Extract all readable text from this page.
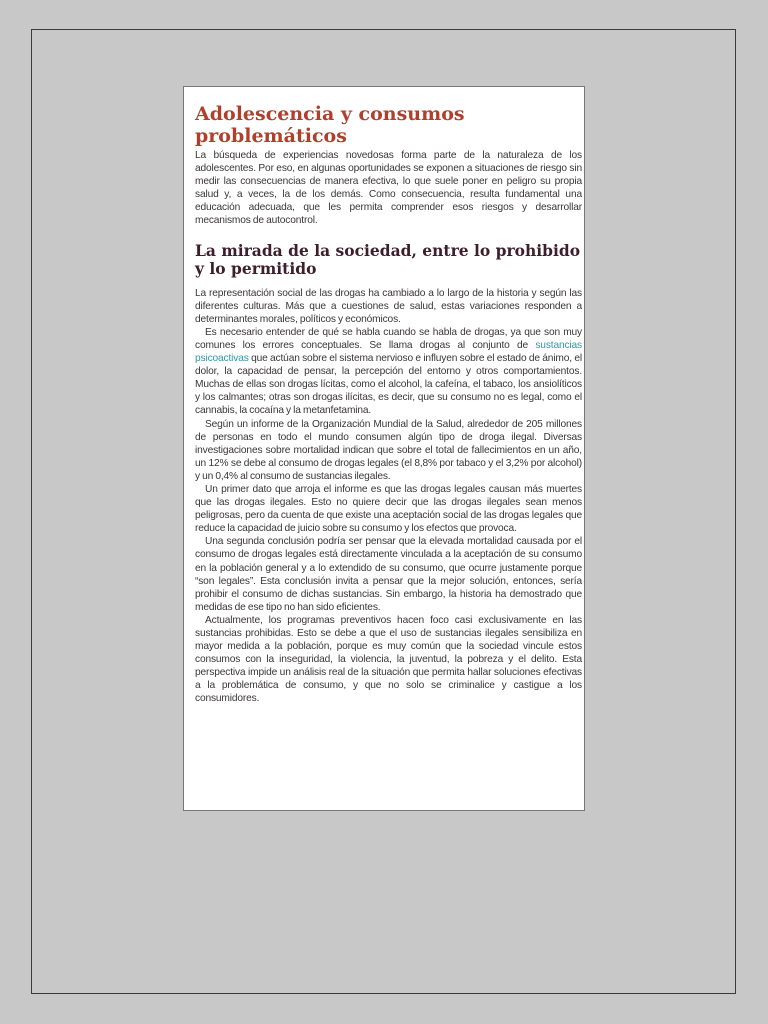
Adolescencia y consumos problemáticos

La búsqueda de experiencias novedosas forma parte de la naturaleza de los adolescentes. Por eso, en algunas oportunidades se exponen a situaciones de riesgo sin medir las consecuencias de manera efectiva, lo que suele poner en peligro su propia salud y, a veces, la de los demás. Como consecuencia, resulta fundamental una educación adecuada, que les permita comprender esos riesgos y desarrollar mecanismos de autocontrol.

La mirada de la sociedad, entre lo prohibido y lo permitido

La representación social de las drogas ha cambiado a lo largo de la historia y según las diferentes culturas. Más que a cuestiones de salud, estas variaciones responden a determinantes morales, políticos y económicos.

Es necesario entender de qué se habla cuando se habla de drogas, ya que son muy comunes los errores conceptuales. Se llama drogas al conjunto de sustancias psicoactivas que actúan sobre el sistema nervioso e influyen sobre el estado de ánimo, el dolor, la capacidad de pensar, la percepción del entorno y otros comportamientos. Muchas de ellas son drogas lícitas, como el alcohol, la cafeína, el tabaco, los ansiolíticos y los calmantes; otras son drogas ilícitas, es decir, que su consumo no es legal, como el cannabis, la cocaína y la metanfetamina.

Según un informe de la Organización Mundial de la Salud, alrededor de 205 millones de personas en todo el mundo consumen algún tipo de droga ilegal. Diversas investigaciones sobre mortalidad indican que sobre el total de fallecimientos en un año, un 12% se debe al consumo de drogas legales (el 8,8% por tabaco y el 3,2% por alcohol) y un 0,4% al consumo de sustancias ilegales.

Un primer dato que arroja el informe es que las drogas legales causan más muertes que las drogas ilegales. Esto no quiere decir que las drogas ilegales sean menos peligrosas, pero da cuenta de que existe una aceptación social de las drogas legales que reduce la capacidad de juicio sobre su consumo y los efectos que provoca.

Una segunda conclusión podría ser pensar que la elevada mortalidad causada por el consumo de drogas legales está directamente vinculada a la aceptación de su consumo en la población general y a lo extendido de su consumo, que ocurre justamente porque “son legales”. Esta conclusión invita a pensar que la mejor solución, entonces, sería prohibir el consumo de dichas sustancias. Sin embargo, la historia ha demostrado que medidas de ese tipo no han sido eficientes.

Actualmente, los programas preventivos hacen foco casi exclusivamente en las sustancias prohibidas. Esto se debe a que el uso de sustancias ilegales sensibiliza en mayor medida a la población, porque es muy común que la sociedad vincule estos consumos con la inseguridad, la violencia, la juventud, la pobreza y el delito. Esta perspectiva impide un análisis real de la situación que permita hallar soluciones efectivas a la problemática de consumo, y que no solo se criminalice y castigue a los consumidores.
